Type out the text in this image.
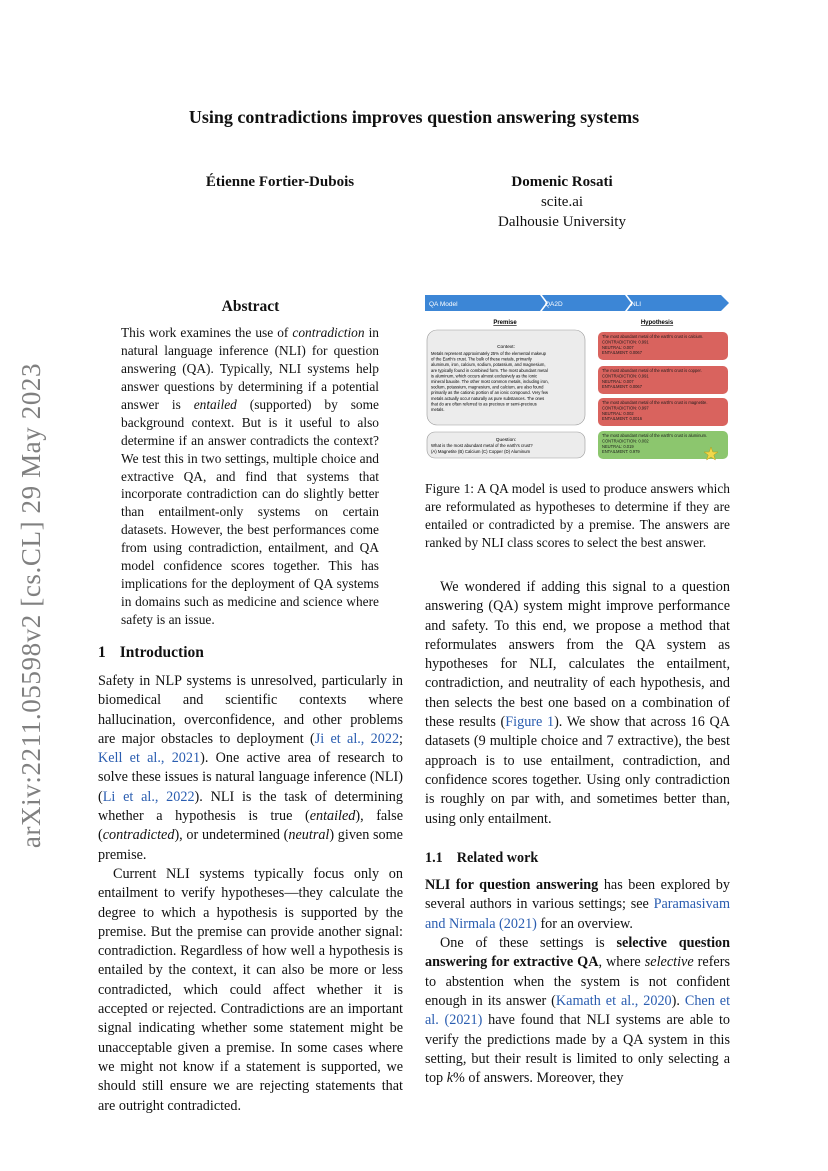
arXiv:2211.05598v2 [cs.CL] 29 May 2023
Using contradictions improves question answering systems
Étienne Fortier-Dubois	Domenic Rosati
scite.ai
Dalhousie University
Abstract

This work examines the use of contradiction in natural language inference (NLI) for question answering (QA). Typically, NLI systems help answer questions by determining if a potential answer is entailed (supported) by some background context. But is it useful to also determine if an answer contradicts the context? We test this in two settings, multiple choice and extractive QA, and find that systems that incorporate contradiction can do slightly better than entailment-only systems on certain datasets. However, the best performances come from using contradiction, entailment, and QA model confidence scores together. This has implications for the deployment of QA systems in domains such as medicine and science where safety is an issue.

1 Introduction

Safety in NLP systems is unresolved, particularly in biomedical and scientific contexts where hallucination, overconfidence, and other problems are major obstacles to deployment (Ji et al., 2022; Kell et al., 2021). One active area of research to solve these issues is natural language inference (NLI) (Li et al., 2022). NLI is the task of determining whether a hypothesis is true (entailed), false (contradicted), or undetermined (neutral) given some premise.

Current NLI systems typically focus only on entailment to verify hypotheses—they calculate the degree to which a hypothesis is supported by the premise. But the premise can provide another signal: contradiction. Regardless of how well a hypothesis is entailed by the context, it can also be more or less contradicted, which could affect whether it is accepted or rejected. Contradictions are an important signal indicating whether some statement might be unacceptable given a premise. In some cases where we might not know if a statement is supported, we should still ensure we are rejecting statements that are outright contradicted.

QA Model	QA2D	NLI
Premise	Hypothesis
Context:
Metals represent approximately 25% of the elemental makeup
of the Earth's crust. The bulk of these metals, primarily
aluminum, iron, calcium, sodium, potassium, and magnesium,
are typically found in combined form. The most abundant metal
is aluminum, which occurs almost exclusively as the ionic
mineral bauxite. The other most common metals, including iron,
sodium, potassium, magnesium, and calcium, are also found
primarily as the cationic portion of an ionic compound. Very few
metals actually occur naturally as pure substances. The ones
that do are often referred to as precious or semi-precious
metals.
Question:
What is the most abundant metal of the earth's crust?
(A) Magnetite (B) Calcium (C) Copper (D) Aluminum
The most abundant metal of the earth's crust is calcium.
CONTRADICTION: 0.991
NEUTRAL: 0.007
ENTAILMENT: 0.0067
The most abundant metal of the earth's crust is copper.
CONTRADICTION: 0.991
NEUTRAL: 0.007
ENTAILMENT: 0.0067
The most abundant metal of the earth's crust is magnetite.
CONTRADICTION: 0.997
NEUTRAL: 0.002
ENTAILMENT: 0.0016
The most abundant metal of the earth's crust is aluminum.
CONTRADICTION: 0.002
NEUTRAL: 0.019
ENTAILMENT: 0.979
Figure 1: A QA model is used to produce answers which are reformulated as hypotheses to determine if they are entailed or contradicted by a premise. The answers are ranked by NLI class scores to select the best answer.

We wondered if adding this signal to a question answering (QA) system might improve performance and safety. To this end, we propose a method that reformulates answers from the QA system as hypotheses for NLI, calculates the entailment, contradiction, and neutrality of each hypothesis, and then selects the best one based on a combination of these results (Figure 1). We show that across 16 QA datasets (9 multiple choice and 7 extractive), the best approach is to use entailment, contradiction, and confidence scores together. Using only contradiction is roughly on par with, and sometimes better than, using only entailment.

1.1 Related work

NLI for question answering has been explored by several authors in various settings; see Paramasivam and Nirmala (2021) for an overview.

One of these settings is selective question answering for extractive QA, where selective refers to abstention when the system is not confident enough in its answer (Kamath et al., 2020). Chen et al. (2021) have found that NLI systems are able to verify the predictions made by a QA system in this setting, but their result is limited to only selecting a top k% of answers. Moreover, they
